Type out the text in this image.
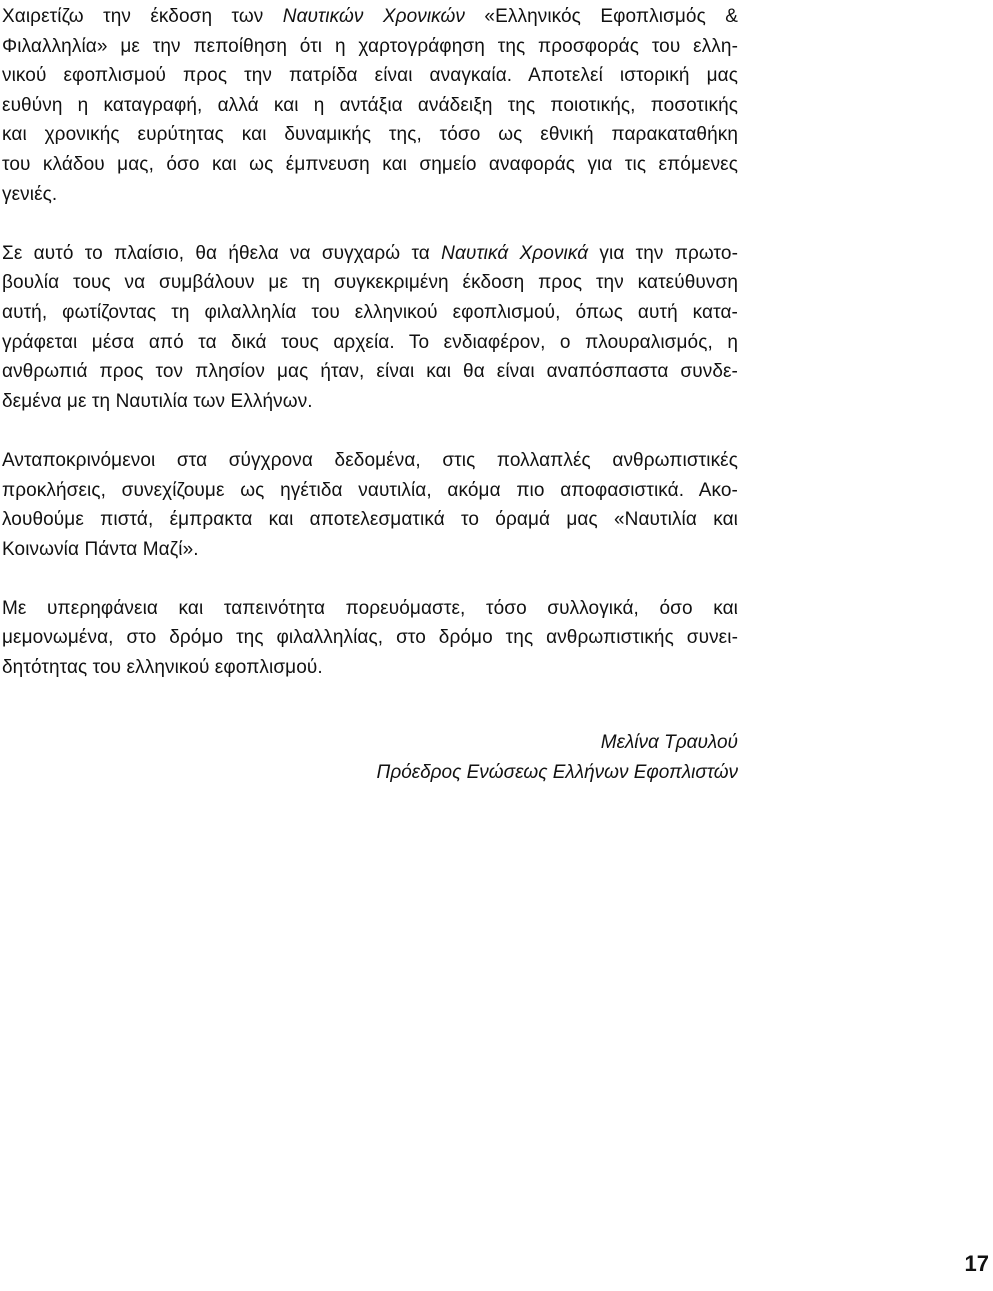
Χαιρετίζω την έκδοση των Ναυτικών Χρονικών «Ελληνικός Εφοπλισμός &
Φιλαλληλία» με την πεποίθηση ότι η χαρτογράφηση της προσφοράς του ελλη-
νικού εφοπλισμού προς την πατρίδα είναι αναγκαία. Αποτελεί ιστορική μας
ευθύνη η καταγραφή, αλλά και η αντάξια ανάδειξη της ποιοτικής, ποσοτικής
και χρονικής ευρύτητας και δυναμικής της, τόσο ως εθνική παρακαταθήκη
του κλάδου μας, όσο και ως έμπνευση και σημείο αναφοράς για τις επόμενες
γενιές.

Σε αυτό το πλαίσιο, θα ήθελα να συγχαρώ τα Ναυτικά Χρονικά για την πρωτο-
βουλία τους να συμβάλουν με τη συγκεκριμένη έκδοση προς την κατεύθυνση
αυτή, φωτίζοντας τη φιλαλληλία του ελληνικού εφοπλισμού, όπως αυτή κατα-
γράφεται μέσα από τα δικά τους αρχεία. Το ενδιαφέρον, ο πλουραλισμός, η
ανθρωπιά προς τον πλησίον μας ήταν, είναι και θα είναι αναπόσπαστα συνδε-
δεμένα με τη Ναυτιλία των Ελλήνων.

Ανταποκρινόμενοι στα σύγχρονα δεδομένα, στις πολλαπλές ανθρωπιστικές
προκλήσεις, συνεχίζουμε ως ηγέτιδα ναυτιλία, ακόμα πιο αποφασιστικά. Ακο-
λουθούμε πιστά, έμπρακτα και αποτελεσματικά το όραμά μας «Ναυτιλία και
Κοινωνία Πάντα Μαζί».

Με υπερηφάνεια και ταπεινότητα πορευόμαστε, τόσο συλλογικά, όσο και
μεμονωμένα, στο δρόμο της φιλαλληλίας, στο δρόμο της ανθρωπιστικής συνει-
δητότητας του ελληνικού εφοπλισμού.

Μελίνα Τραυλού
Πρόεδρος Ενώσεως Ελλήνων Εφοπλιστών
17
